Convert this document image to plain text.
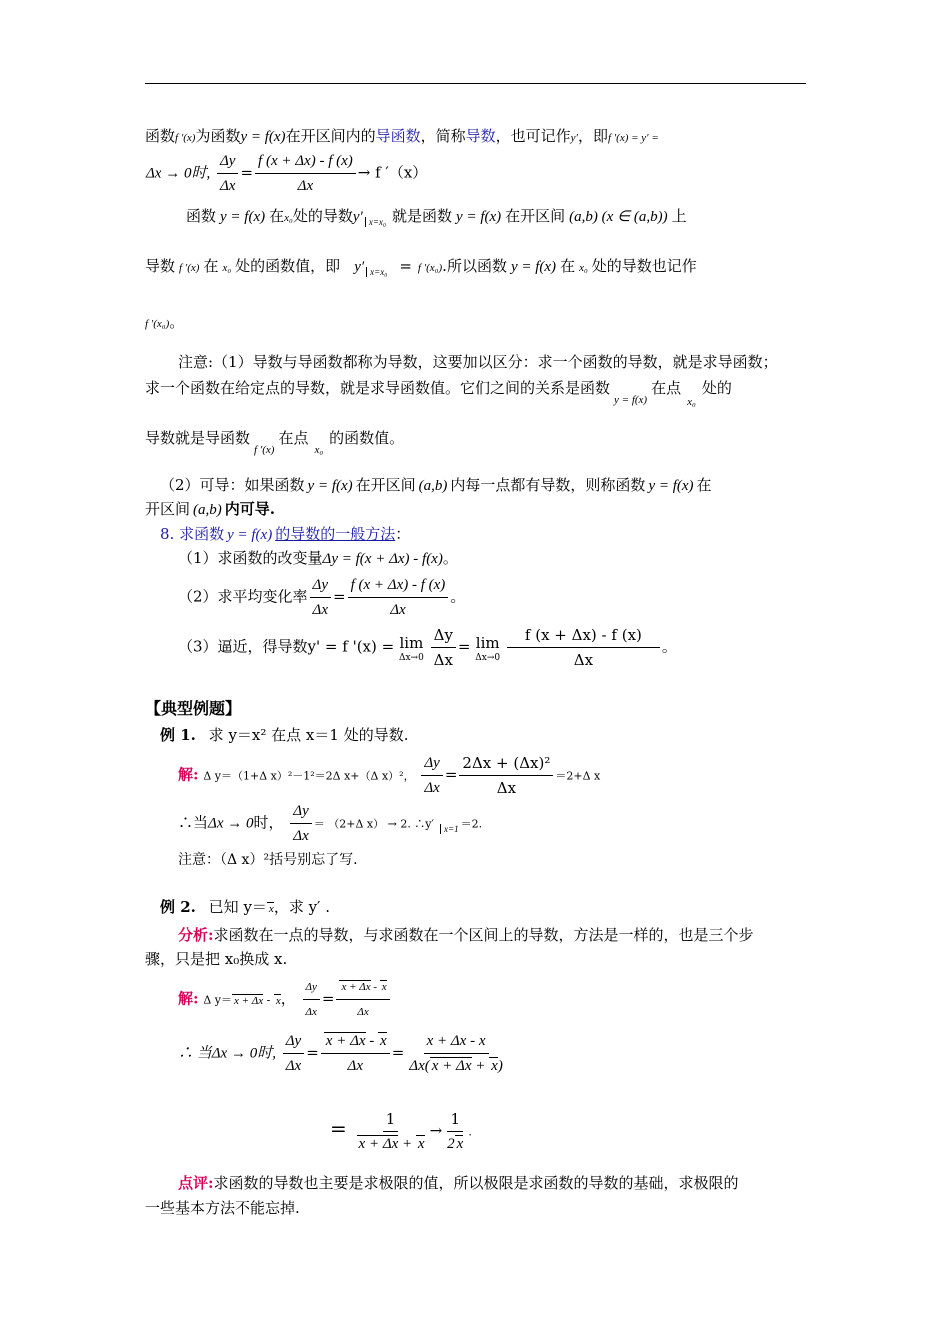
函数f ′(x)为函数y = f(x)在开区间内的导函数，简称导数，也可记作y′，即f ′(x) = y′ =
Δx → 0时, $\frac{\Delta y}{\Delta x} = \frac{f (x + \Delta x) - f (x)}{\Delta x} \to f$ ′（x）
函数 y = f(x) 在x₀处的导数y′ $_{x=x_0}$ 就是函数 y = f(x) 在开区间 (a,b) (x ∈ (a,b)) 上
导数 f ′(x) 在 x₀ 处的函数值，即 y′ $_{x=x_0}$ = f ′(x₀).所以函数 y = f(x) 在 x₀ 处的导数也记作
f ′(x₀)。
注意:（1）导数与导函数都称为导数，这要加以区分：求一个函数的导数，就是求导函数；
求一个函数在给定点的导数，就是求导函数值。它们之间的关系是函数$_{y = f(x)}$在点$_{x_0}$处的
导数就是导函数$_{f '(x)}$在点$_{x_0}$的函数值。
（2）可导：如果函数 y = f(x) 在开区间 (a,b) 内每一点都有导数，则称函数 y = f(x) 在
开区间 (a,b) 内可导.
8. 求函数 y = f(x) 的导数的一般方法：
（1）求函数的改变量Δy = f(x + Δx) - f(x)。
（2）求平均变化率 $\frac{\Delta y}{\Delta x} = \frac{f (x + \Delta x) - f (x)}{\Delta x}$ 。
（3）逼近，得导数y' = f '(x) = lim
Δx→0
$\frac{\Delta y}{\Delta x} = \lim$
Δx→0
$\frac{f (x + \Delta x) - f (x)}{\Delta x}$ 。
【典型例题】
例 1. 求 y＝x² 在点 x＝1 处的导数.
解: Δ y＝（1+Δ x）²－1²＝2Δ x+（Δ x）²， $\frac{\Delta y}{\Delta x} = \frac{\text{2Δx + (Δx)²}}{\Delta x} =2+\Delta$ x
∴当Δx → 0时， $\frac{\Delta y}{\Delta x} = (2+\Delta$ x） → 2. ∴y′ $_{x=1}$ ＝2.
注意：（Δ x）²括号别忘了写.
例 2. 已知 y＝ x，求 y′ .
分析:求函数在一点的导数，与求函数在一个区间上的导数，方法是一样的，也是三个步
骤，只是把 x₀换成 x.
解: Δ y＝ x + Δx - x， $\frac{\Delta y}{\Delta x} = \frac{x + \Delta x - x}{\Delta x}$
∴ 当Δx → 0时, $\frac{\Delta y}{\Delta x} = \frac{x + \Delta x - x}{\Delta x} = \frac{x + \Delta x - x}{\Delta x( x + \Delta x + x)}$
= $\frac{1}{x + \Delta x + x} \to \frac{1}{2 x}$ .
点评:求函数的导数也主要是求极限的值，所以极限是求函数的导数的基础，求极限的
一些基本方法不能忘掉.
